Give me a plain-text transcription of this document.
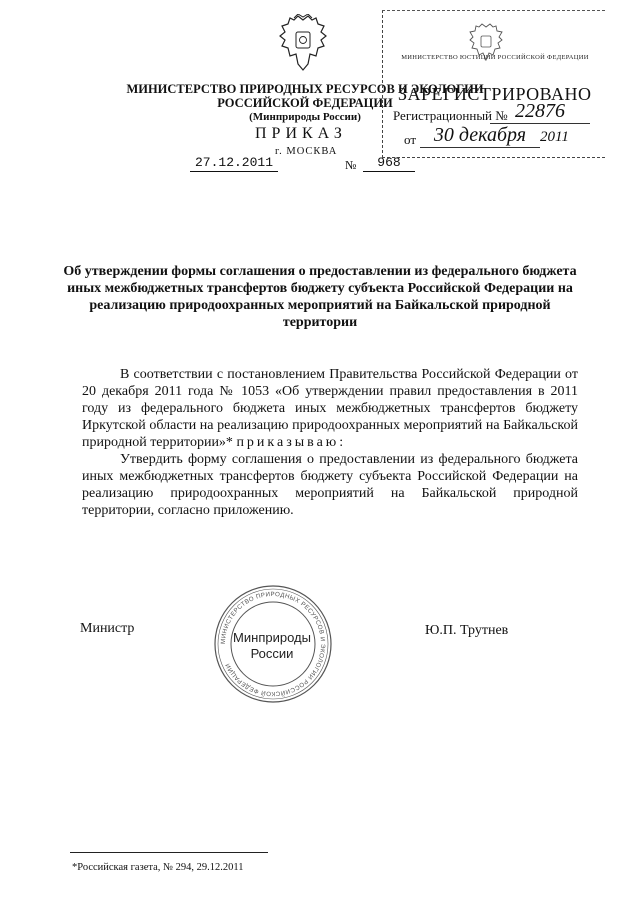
МИНИСТЕРСТВО ПРИРОДНЫХ РЕСУРСОВ И ЭКОЛОГИИ
РОССИЙСКОЙ ФЕДЕРАЦИИ
(Минприроды России)
ПРИКАЗ
г. МОСКВА
27.12.2011	№	968
МИНИСТЕРСТВО ЮСТИЦИИ РОССИЙСКОЙ ФЕДЕРАЦИИ
ЗАРЕГИСТРИРОВАНО
Регистрационный № 22876
от 30 декабря 2011
Об утверждении формы соглашения о предоставлении из федерального бюджета иных межбюджетных трансфертов бюджету субъекта Российской Федерации на реализацию природоохранных мероприятий на Байкальской природной территории

В соответствии с постановлением Правительства Российской Федерации от 20 декабря 2011 года № 1053 «Об утверждении правил предоставления в 2011 году из федерального бюджета иных межбюджетных трансфертов бюджету Иркутской области на реализацию природоохранных мероприятий на Байкальской природной территории»* приказываю:

Утвердить форму соглашения о предоставлении из федерального бюджета иных межбюджетных трансфертов бюджету субъекта Российской Федерации на реализацию природоохранных мероприятий на Байкальской природной территории, согласно приложению.

Министр	Ю.П. Трутнев
МИНИСТЕРСТВО ПРИРОДНЫХ РЕСУРСОВ И ЭКОЛОГИИ РОССИЙСКОЙ ФЕДЕРАЦИИ
Минприроды
России
*Российская газета, № 294, 29.12.2011
